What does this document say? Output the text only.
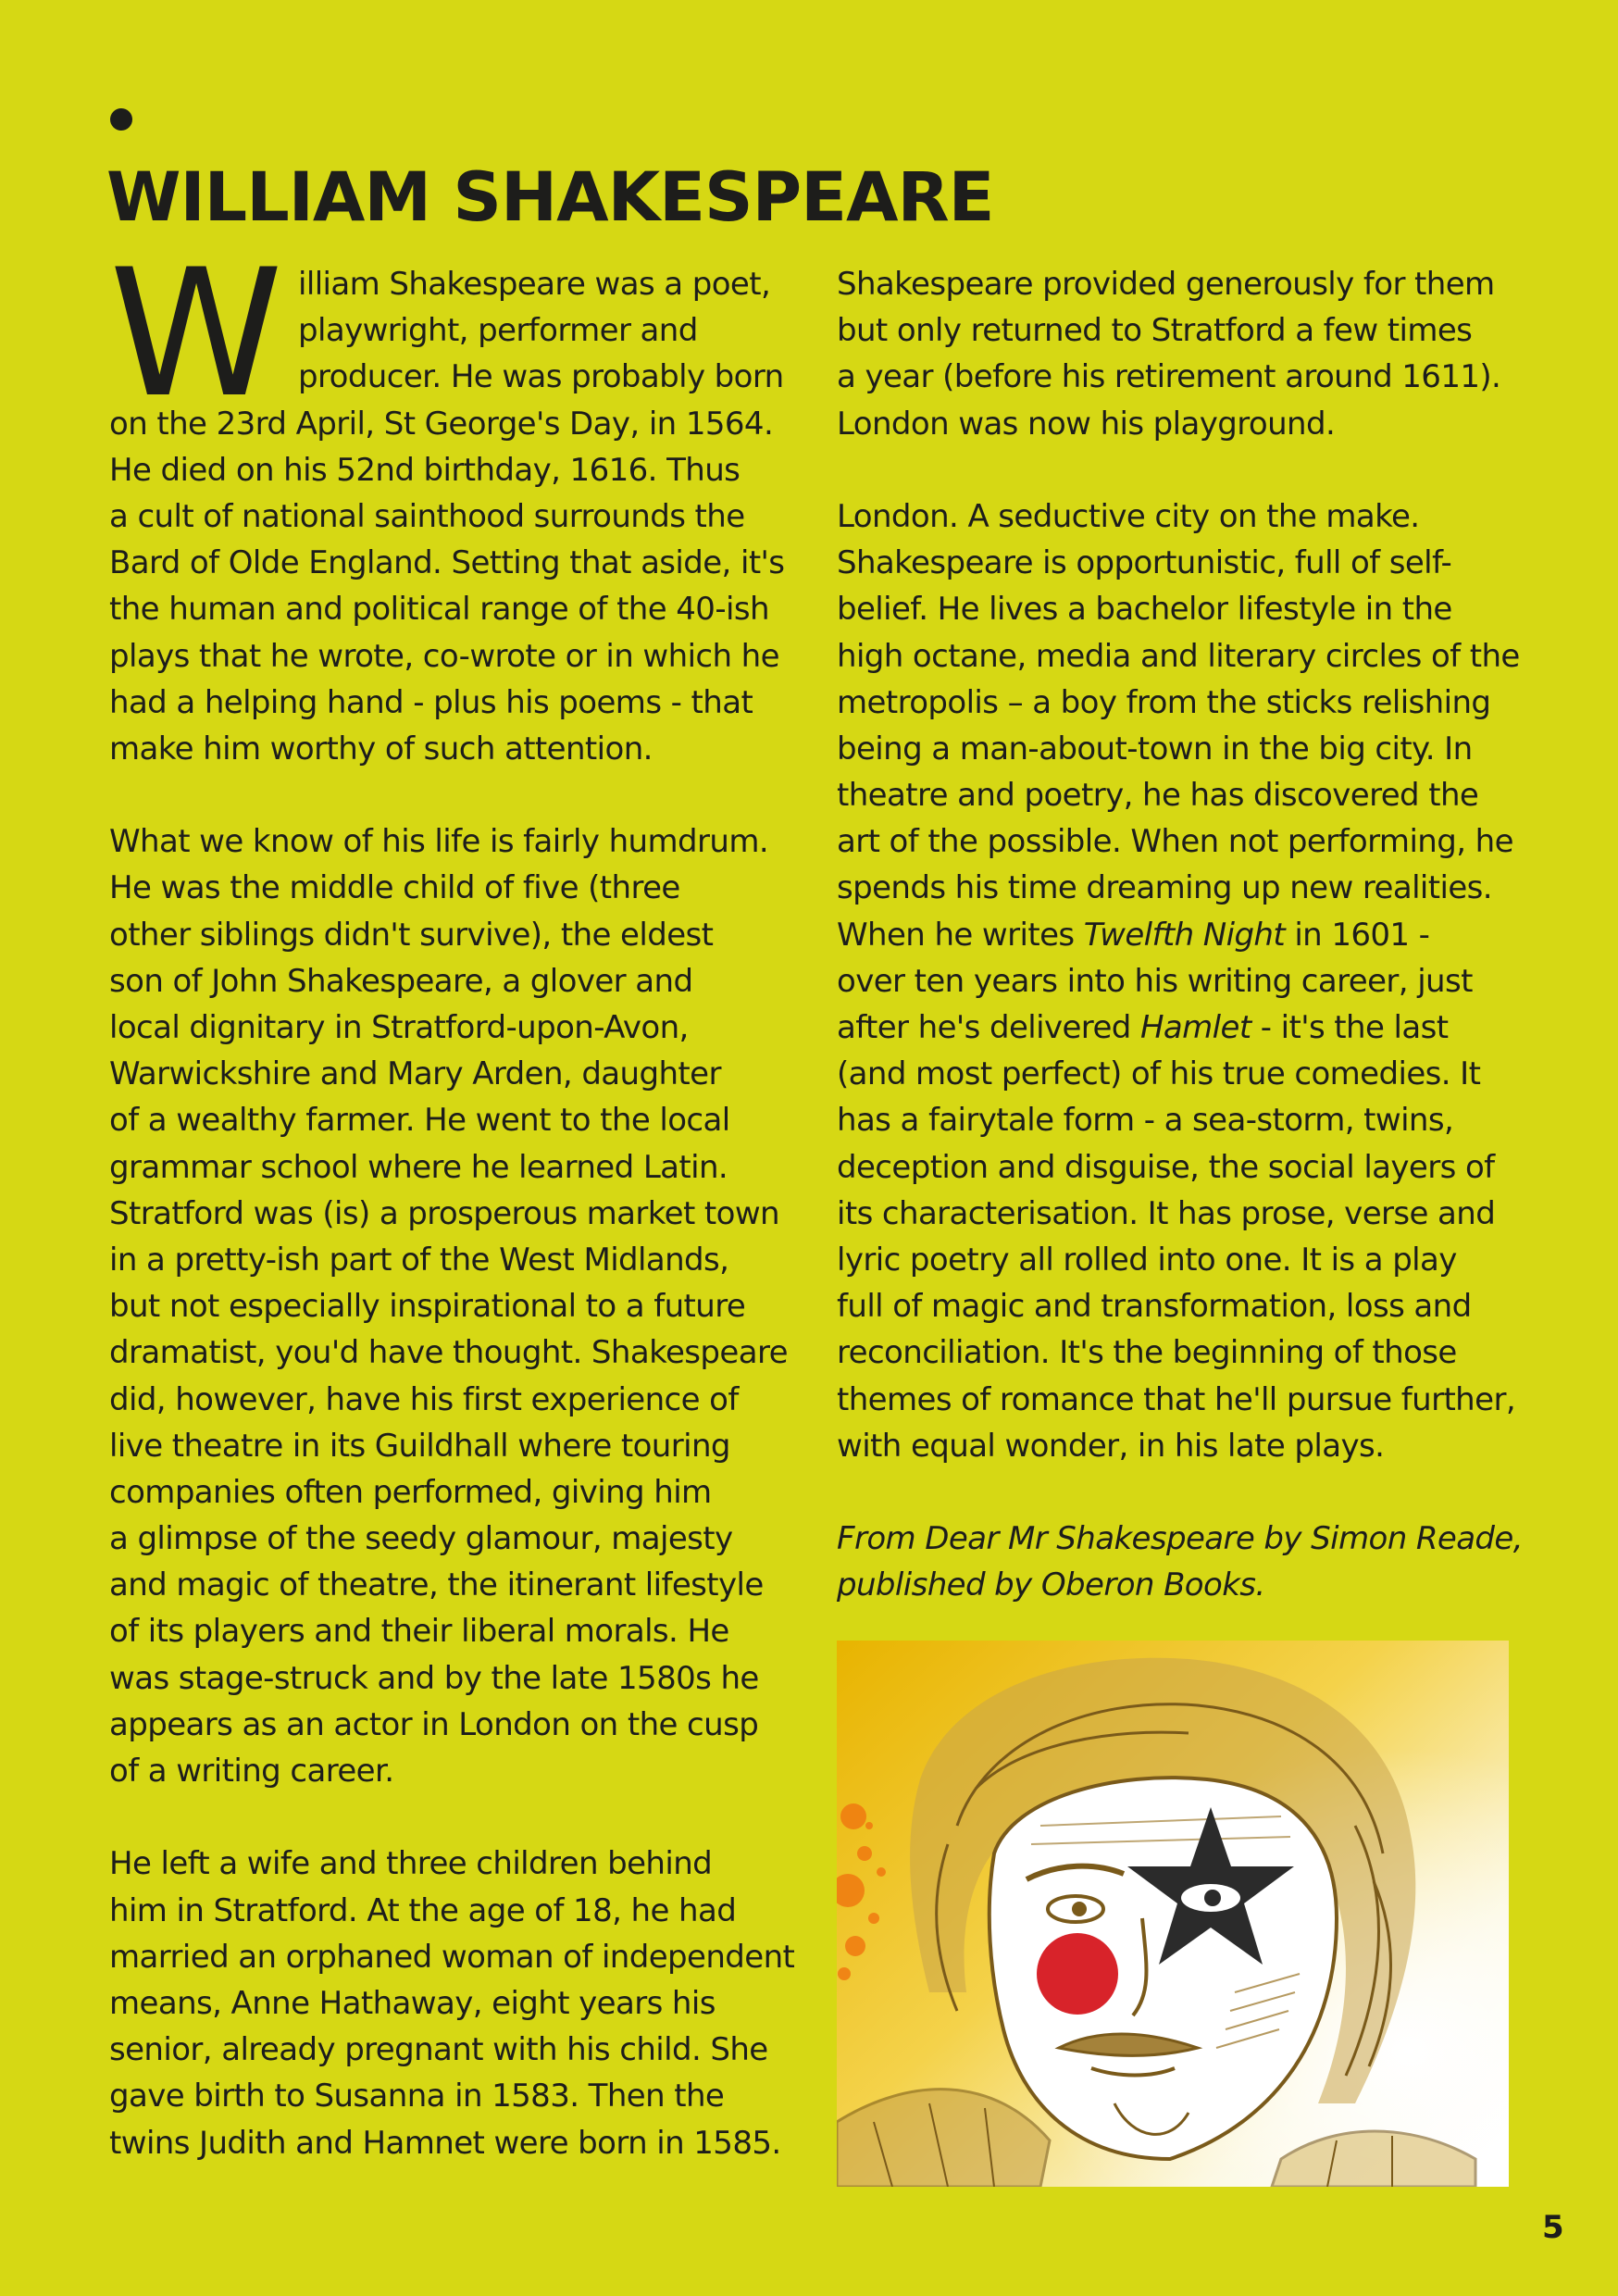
WILLIAM SHAKESPEARE
W illiam Shakespeare was a poet,
playwright, performer and
producer. He was probably born
on the 23rd April, St George's Day, in 1564.
He died on his 52nd birthday, 1616. Thus
a cult of national sainthood surrounds the
Bard of Olde England. Setting that aside, it's
the human and political range of the 40-ish
plays that he wrote, co-wrote or in which he
had a helping hand - plus his poems - that
make him worthy of such attention.
What we know of his life is fairly humdrum.
He was the middle child of five (three
other siblings didn't survive), the eldest
son of John Shakespeare, a glover and
local dignitary in Stratford-upon-Avon,
Warwickshire and Mary Arden, daughter
of a wealthy farmer. He went to the local
grammar school where he learned Latin.
Stratford was (is) a prosperous market town
in a pretty-ish part of the West Midlands,
but not especially inspirational to a future
dramatist, you'd have thought. Shakespeare
did, however, have his first experience of
live theatre in its Guildhall where touring
companies often performed, giving him
a glimpse of the seedy glamour, majesty
and magic of theatre, the itinerant lifestyle
of its players and their liberal morals. He
was stage-struck and by the late 1580s he
appears as an actor in London on the cusp
of a writing career.
He left a wife and three children behind
him in Stratford. At the age of 18, he had
married an orphaned woman of independent
means, Anne Hathaway, eight years his
senior, already pregnant with his child. She
gave birth to Susanna in 1583. Then the
twins Judith and Hamnet were born in 1585.
Shakespeare provided generously for them
but only returned to Stratford a few times
a year (before his retirement around 1611).
London was now his playground.
London. A seductive city on the make.
Shakespeare is opportunistic, full of self-
belief. He lives a bachelor lifestyle in the
high octane, media and literary circles of the
metropolis – a boy from the sticks relishing
being a man-about-town in the big city. In
theatre and poetry, he has discovered the
art of the possible. When not performing, he
spends his time dreaming up new realities.
When he writes Twelfth Night in 1601 -
over ten years into his writing career, just
after he's delivered Hamlet - it's the last
(and most perfect) of his true comedies. It
has a fairytale form - a sea-storm, twins,
deception and disguise, the social layers of
its characterisation. It has prose, verse and
lyric poetry all rolled into one. It is a play
full of magic and transformation, loss and
reconciliation. It's the beginning of those
themes of romance that he'll pursue further,
with equal wonder, in his late plays.
From Dear Mr Shakespeare by Simon Reade,
published by Oberon Books.
5
